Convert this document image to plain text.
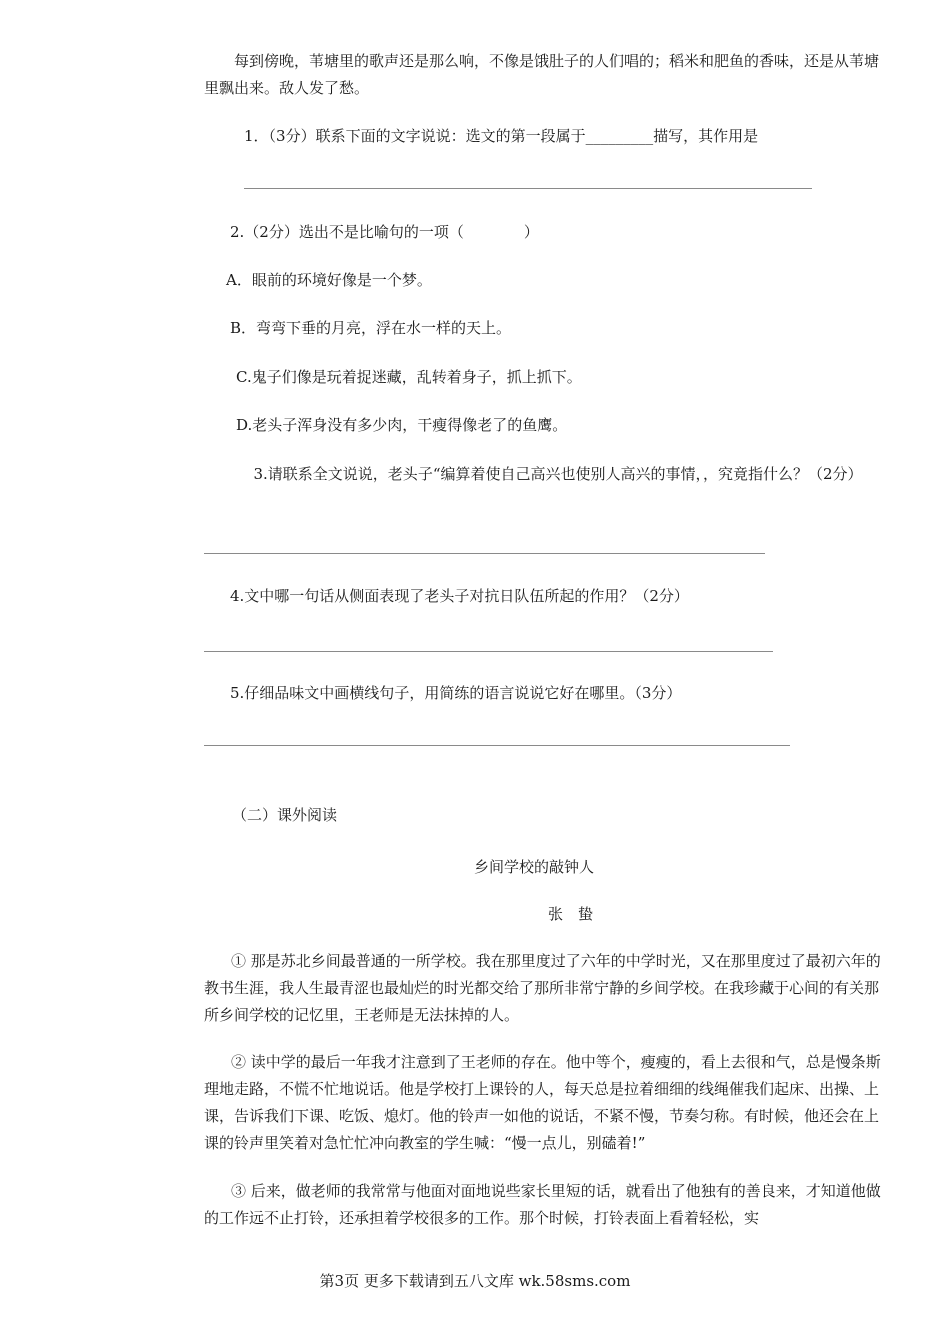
每到傍晚，苇塘里的歌声还是那么响，不像是饿肚子的人们唱的；稻米和肥鱼的香味，还是从苇塘里飘出来。敌人发了愁。
1．（3分）联系下面的文字说说：选文的第一段属于_________描写，其作用是
2.（2分）选出不是比喻句的一项（　　　　）
A．眼前的环境好像是一个梦。
B．弯弯下垂的月亮，浮在水一样的天上。
C.鬼子们像是玩着捉迷藏，乱转着身子，抓上抓下。
D.老头子浑身没有多少肉，干瘦得像老了的鱼鹰。
3.请联系全文说说，老头子“编算着使自己高兴也使别人高兴的事情，，究竟指什么？（2分）
4.文中哪一句话从侧面表现了老头子对抗日队伍所起的作用？（2分）
5.仔细品味文中画横线句子，用简练的语言说说它好在哪里。（3分）
（二）课外阅读
乡间学校的敲钟人
张　蛰
① 那是苏北乡间最普通的一所学校。我在那里度过了六年的中学时光，又在那里度过了最初六年的教书生涯，我人生最青涩也最灿烂的时光都交给了那所非常宁静的乡间学校。在我珍藏于心间的有关那所乡间学校的记忆里，王老师是无法抹掉的人。
② 读中学的最后一年我才注意到了王老师的存在。他中等个，瘦瘦的，看上去很和气，总是慢条斯理地走路，不慌不忙地说话。他是学校打上课铃的人，每天总是拉着细细的线绳催我们起床、出操、上课，告诉我们下课、吃饭、熄灯。他的铃声一如他的说话，不紧不慢，节奏匀称。有时候，他还会在上课的铃声里笑着对急忙忙冲向教室的学生喊：“慢一点儿，别磕着!”
③ 后来，做老师的我常常与他面对面地说些家长里短的话，就看出了他独有的善良来，才知道他做的工作远不止打铃，还承担着学校很多的工作。那个时候，打铃表面上看着轻松，实
第3页 更多下载请到五八文库 wk.58sms.com
